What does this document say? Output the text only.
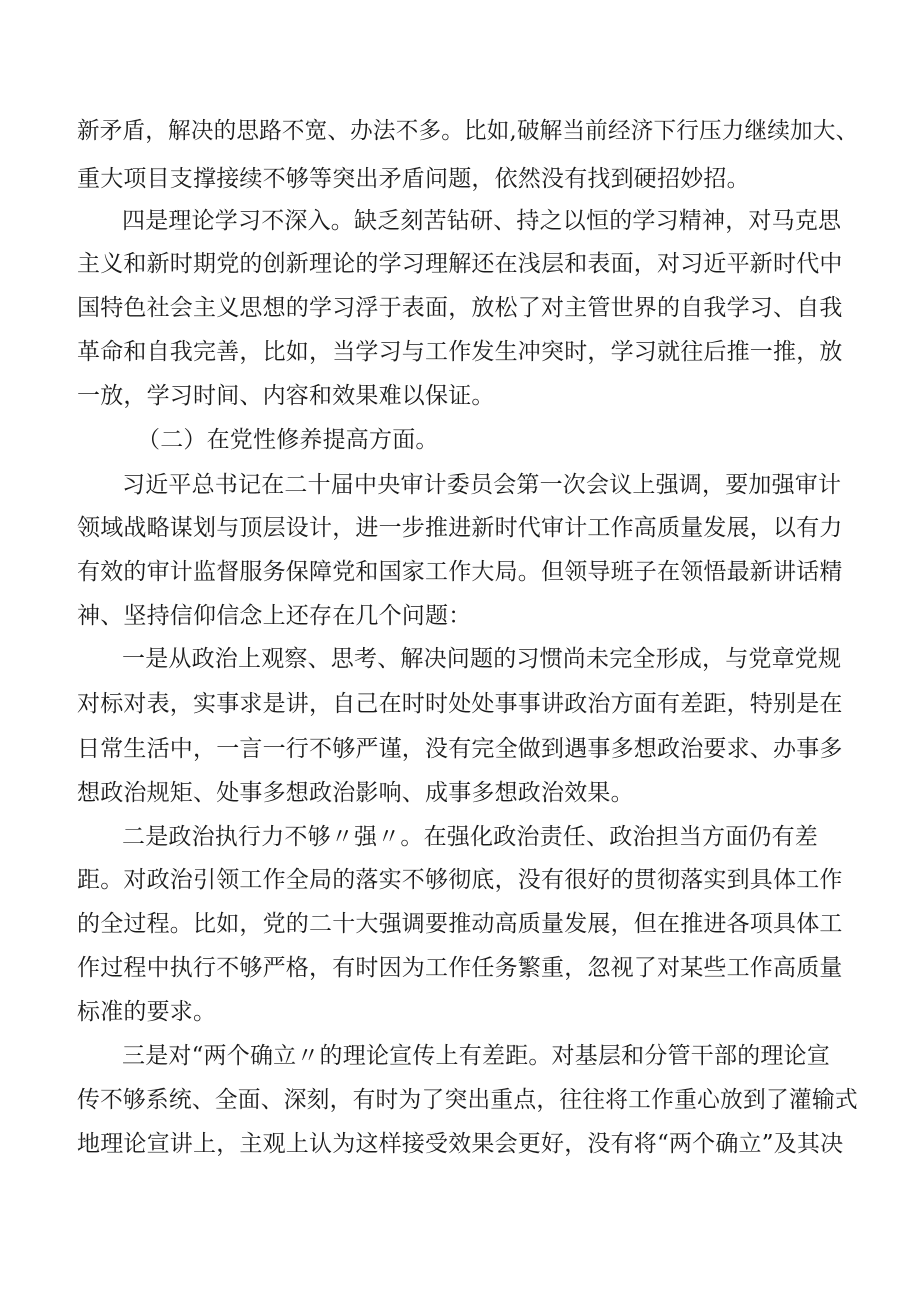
新矛盾，解决的思路不宽、办法不多。比如,破解当前经济下行压力继续加大、
重大项目支撑接续不够等突出矛盾问题，依然没有找到硬招妙招。
四是理论学习不深入。缺乏刻苦钻研、持之以恒的学习精神，对马克思
主义和新时期党的创新理论的学习理解还在浅层和表面，对习近平新时代中
国特色社会主义思想的学习浮于表面，放松了对主管世界的自我学习、自我
革命和自我完善，比如，当学习与工作发生冲突时，学习就往后推一推，放
一放，学习时间、内容和效果难以保证。
（二）在党性修养提高方面。
习近平总书记在二十届中央审计委员会第一次会议上强调，要加强审计
领域战略谋划与顶层设计，进一步推进新时代审计工作高质量发展，以有力
有效的审计监督服务保障党和国家工作大局。但领导班子在领悟最新讲话精
神、坚持信仰信念上还存在几个问题：
一是从政治上观察、思考、解决问题的习惯尚未完全形成，与党章党规
对标对表，实事求是讲，自己在时时处处事事讲政治方面有差距，特别是在
日常生活中，一言一行不够严谨，没有完全做到遇事多想政治要求、办事多
想政治规矩、处事多想政治影响、成事多想政治效果。
二是政治执行力不够〃强〃。在强化政治责任、政治担当方面仍有差
距。对政治引领工作全局的落实不够彻底，没有很好的贯彻落实到具体工作
的全过程。比如，党的二十大强调要推动高质量发展，但在推进各项具体工
作过程中执行不够严格，有时因为工作任务繁重，忽视了对某些工作高质量
标准的要求。
三是对“两个确立〃的理论宣传上有差距。对基层和分管干部的理论宣
传不够系统、全面、深刻，有时为了突出重点，往往将工作重心放到了灌输式
地理论宣讲上，主观上认为这样接受效果会更好，没有将“两个确立”及其决
